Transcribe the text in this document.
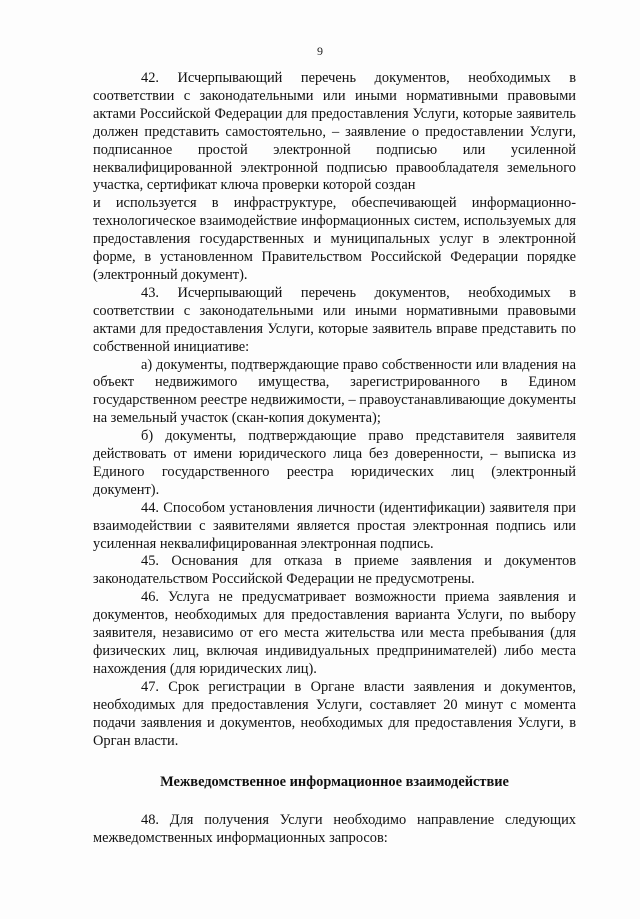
9

42. Исчерпывающий перечень документов, необходимых в соответствии с законодательными или иными нормативными правовыми актами Российской Федерации для предоставления Услуги, которые заявитель должен представить самостоятельно, – заявление о предоставлении Услуги, подписанное простой электронной подписью или усиленной неквалифицированной электронной подписью правообладателя земельного участка, сертификат ключа проверки которой создан

и используется в инфраструктуре, обеспечивающей информационно-технологическое взаимодействие информационных систем, используемых для предоставления государственных и муниципальных услуг в электронной форме, в установленном Правительством Российской Федерации порядке (электронный документ).

43. Исчерпывающий перечень документов, необходимых в соответствии с законодательными или иными нормативными правовыми актами для предоставления Услуги, которые заявитель вправе представить по собственной инициативе:

а) документы, подтверждающие право собственности или владения на объект недвижимого имущества, зарегистрированного в Едином государственном реестре недвижимости, – правоустанавливающие документы на земельный участок (скан-копия документа);

б) документы, подтверждающие право представителя заявителя действовать от имени юридического лица без доверенности, – выписка из Единого государственного реестра юридических лиц (электронный документ).

44. Способом установления личности (идентификации) заявителя при взаимодействии с заявителями является простая электронная подпись или усиленная неквалифицированная электронная подпись.

45. Основания для отказа в приеме заявления и документов законодательством Российской Федерации не предусмотрены.

46. Услуга не предусматривает возможности приема заявления и документов, необходимых для предоставления варианта Услуги, по выбору заявителя, независимо от его места жительства или места пребывания (для физических лиц, включая индивидуальных предпринимателей) либо места нахождения (для юридических лиц).

47. Срок регистрации в Органе власти заявления и документов, необходимых для предоставления Услуги, составляет 20 минут с момента подачи заявления и документов, необходимых для предоставления Услуги, в Орган власти.

Межведомственное информационное взаимодействие

48. Для получения Услуги необходимо направление следующих межведомственных информационных запросов:
